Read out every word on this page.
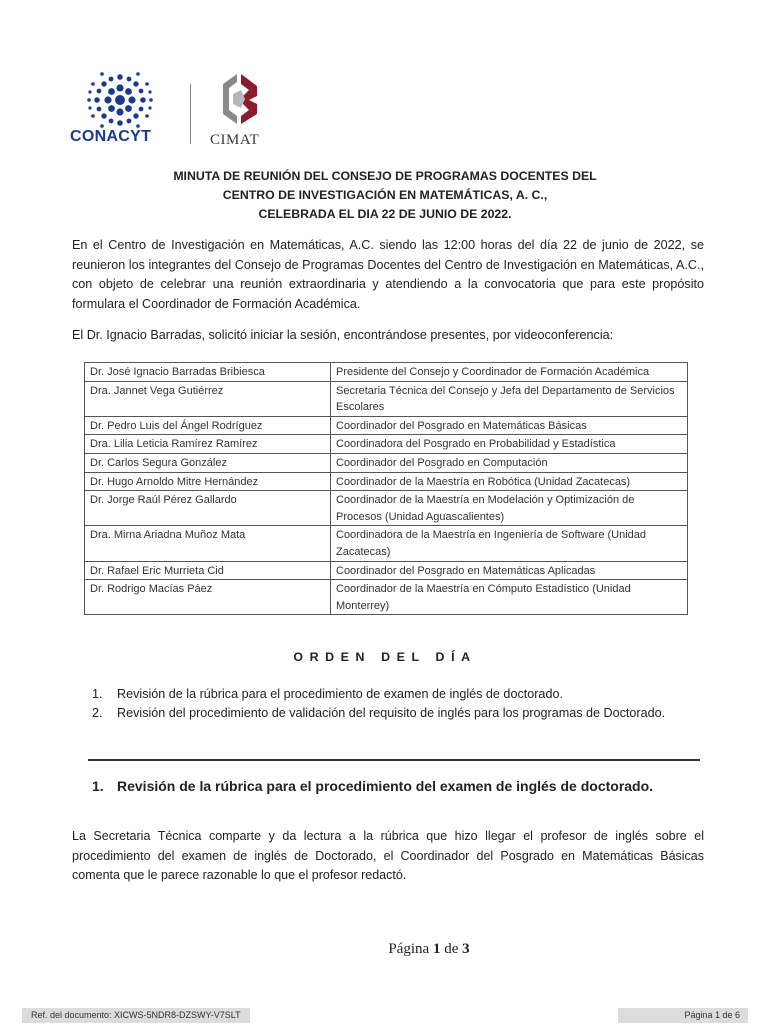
CONACYT	CIMAT
MINUTA DE REUNIÓN DEL CONSEJO DE PROGRAMAS DOCENTES DEL
CENTRO DE INVESTIGACIÓN EN MATEMÁTICAS, A. C.,
CELEBRADA EL DIA 22 DE JUNIO DE 2022.
En el Centro de Investigación en Matemáticas, A.C. siendo las 12:00 horas del día 22 de junio de 2022, se reunieron los integrantes del Consejo de Programas Docentes del Centro de Investigación en Matemáticas, A.C., con objeto de celebrar una reunión extraordinaria y atendiendo a la convocatoria que para este propósito formulara el Coordinador de Formación Académica.
El Dr. Ignacio Barradas, solicitó iniciar la sesión, encontrándose presentes, por videoconferencia:
Dr. José Ignacio Barradas Bribiesca	Presidente del Consejo y Coordinador de Formación Académica
Dra. Jannet Vega Gutiérrez	Secretaria Técnica del Consejo y Jefa del Departamento de Servicios Escolares
Dr. Pedro Luis del Ángel Rodríguez	Coordinador del Posgrado en Matemáticas Básicas
Dra. Lilia Leticia Ramírez Ramírez	Coordinadora del Posgrado en Probabilidad y Estadística
Dr. Carlos Segura González	Coordinador del Posgrado en Computación
Dr. Hugo Arnoldo Mitre Hernández	Coordinador de la Maestría en Robótica (Unidad Zacatecas)
Dr. Jorge Raúl Pérez Gallardo	Coordinador de la Maestría en Modelación y Optimización de Procesos (Unidad Aguascalientes)
Dra. Mirna Ariadna Muñoz Mata	Coordinadora de la Maestría en Ingeniería de Software (Unidad Zacatecas)
Dr. Rafael Eric Murrieta Cid	Coordinador del Posgrado en Matemáticas Aplicadas
Dr. Rodrigo Macías Páez	Coordinador de la Maestría en Cómputo Estadístico (Unidad Monterrey)
ORDEN DEL DÍA
1. Revisión de la rúbrica para el procedimiento de examen de inglés de doctorado.
2. Revisión del procedimiento de validación del requisito de inglés para los programas de Doctorado.
1. Revisión de la rúbrica para el procedimiento del examen de inglés de doctorado.
La Secretaria Técnica comparte y da lectura a la rúbrica que hizo llegar el profesor de inglés sobre el procedimiento del examen de inglés de Doctorado, el Coordinador del Posgrado en Matemáticas Básicas comenta que le parece razonable lo que el profesor redactó.
Página 1 de 3
Ref. del documento: XICWS-5NDR8-DZSWY-V7SLT	Página 1 de 6
